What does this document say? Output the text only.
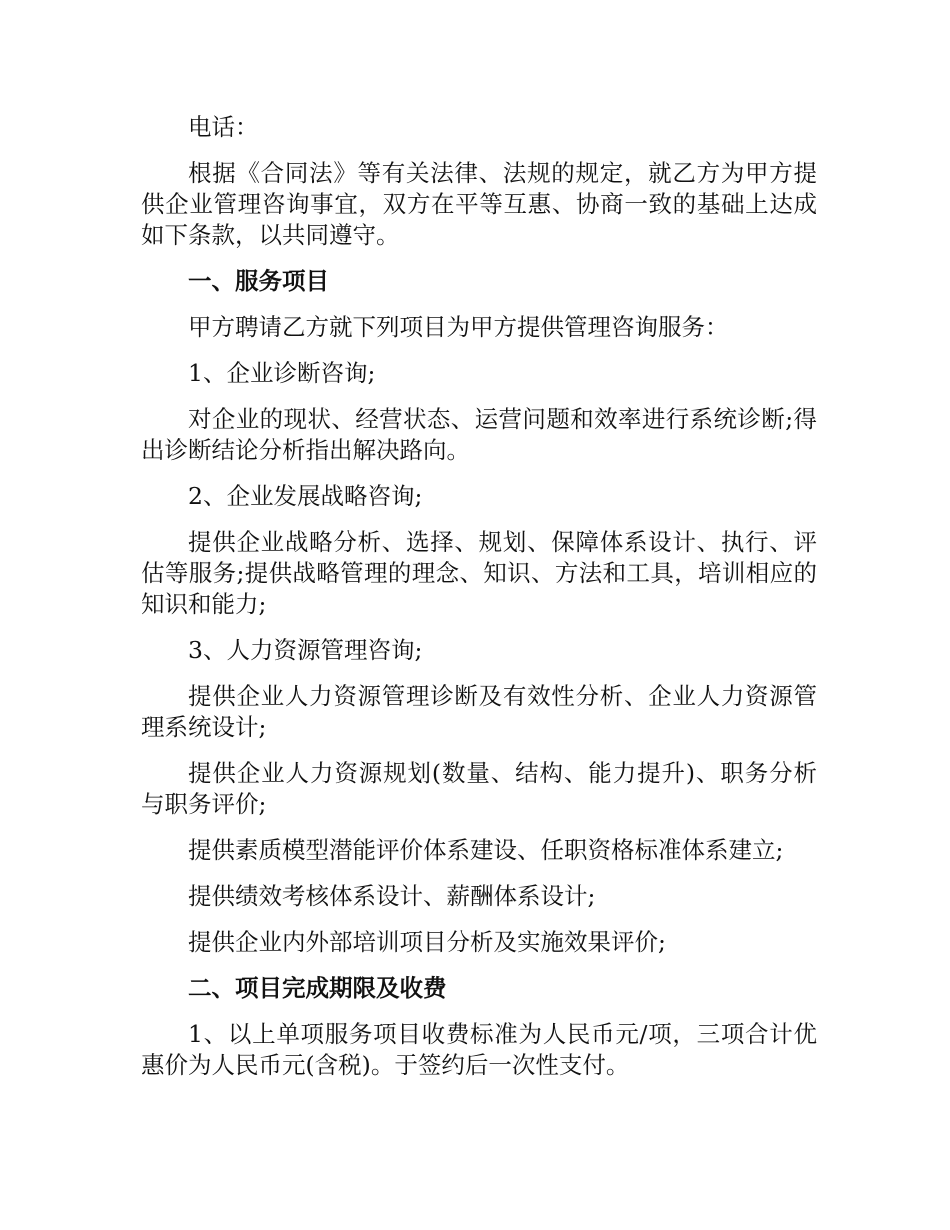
电话：

根据《合同法》等有关法律、法规的规定，就乙方为甲方提供企业管理咨询事宜，双方在平等互惠、协商一致的基础上达成如下条款，以共同遵守。

一、服务项目

甲方聘请乙方就下列项目为甲方提供管理咨询服务：

1、企业诊断咨询;

对企业的现状、经营状态、运营问题和效率进行系统诊断;得出诊断结论分析指出解决路向。

2、企业发展战略咨询;

提供企业战略分析、选择、规划、保障体系设计、执行、评估等服务;提供战略管理的理念、知识、方法和工具，培训相应的知识和能力;

3、人力资源管理咨询;

提供企业人力资源管理诊断及有效性分析、企业人力资源管理系统设计;

提供企业人力资源规划(数量、结构、能力提升)、职务分析与职务评价;

提供素质模型潜能评价体系建设、任职资格标准体系建立;

提供绩效考核体系设计、薪酬体系设计;

提供企业内外部培训项目分析及实施效果评价;

二、项目完成期限及收费

1、以上单项服务项目收费标准为人民币元/项，三项合计优惠价为人民币元(含税)。于签约后一次性支付。
